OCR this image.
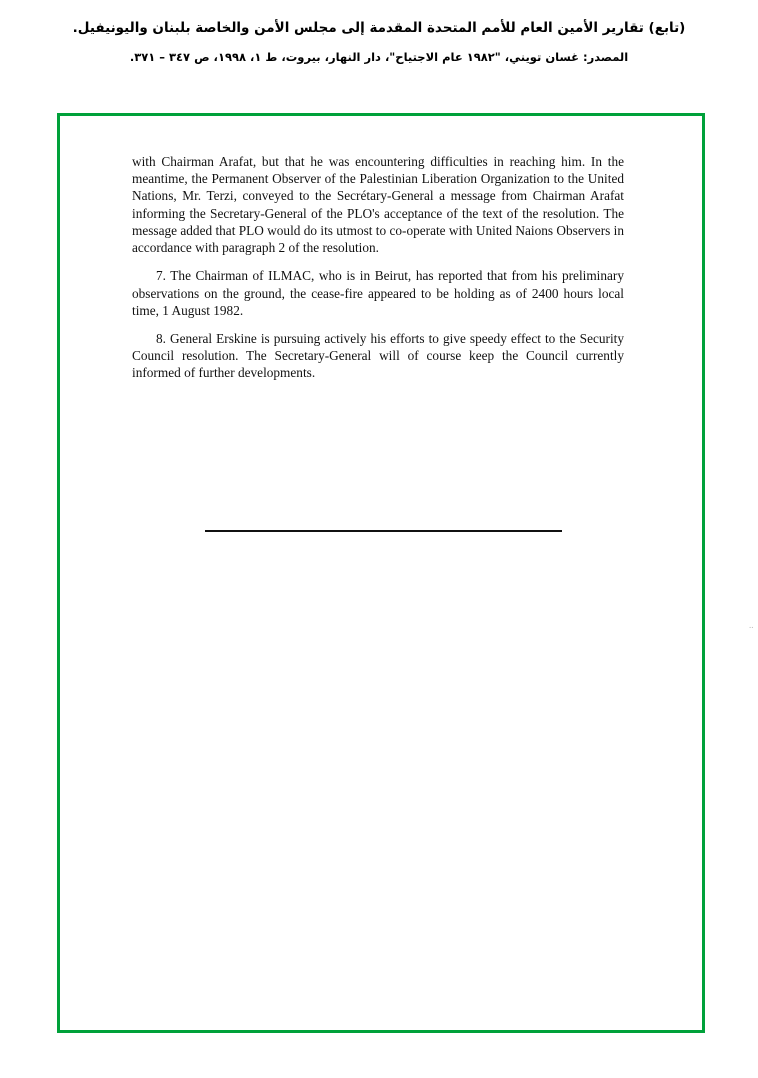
(تابع) تقارير الأمين العام للأمم المتحدة المقدمة إلى مجلس الأمن والخاصة بلبنان واليونيفيل.
المصدر: غسان تويني، "١٩٨٢ عام الاجتياح"، دار النهار، بيروت، ط ١، ١٩٩٨، ص ٣٤٧ – ٣٧١.

with Chairman Arafat, but that he was encountering difficulties in reaching him. In the meantime, the Permanent Observer of the Palestinian Liberation Organization to the United Nations, Mr. Terzi, conveyed to the Secrétary-General a message from Chairman Arafat informing the Secretary-General of the PLO's acceptance of the text of the resolution. The message added that PLO would do its utmost to co-operate with United Naions Observers in accordance with paragraph 2 of the resolution.

7. The Chairman of ILMAC, who is in Beirut, has reported that from his preliminary observations on the ground, the cease-fire appeared to be holding as of 2400 hours local time, 1 August 1982.

8. General Erskine is pursuing actively his efforts to give speedy effect to the Security Council resolution. The Secretary-General will of course keep the Council currently informed of further developments.

..
